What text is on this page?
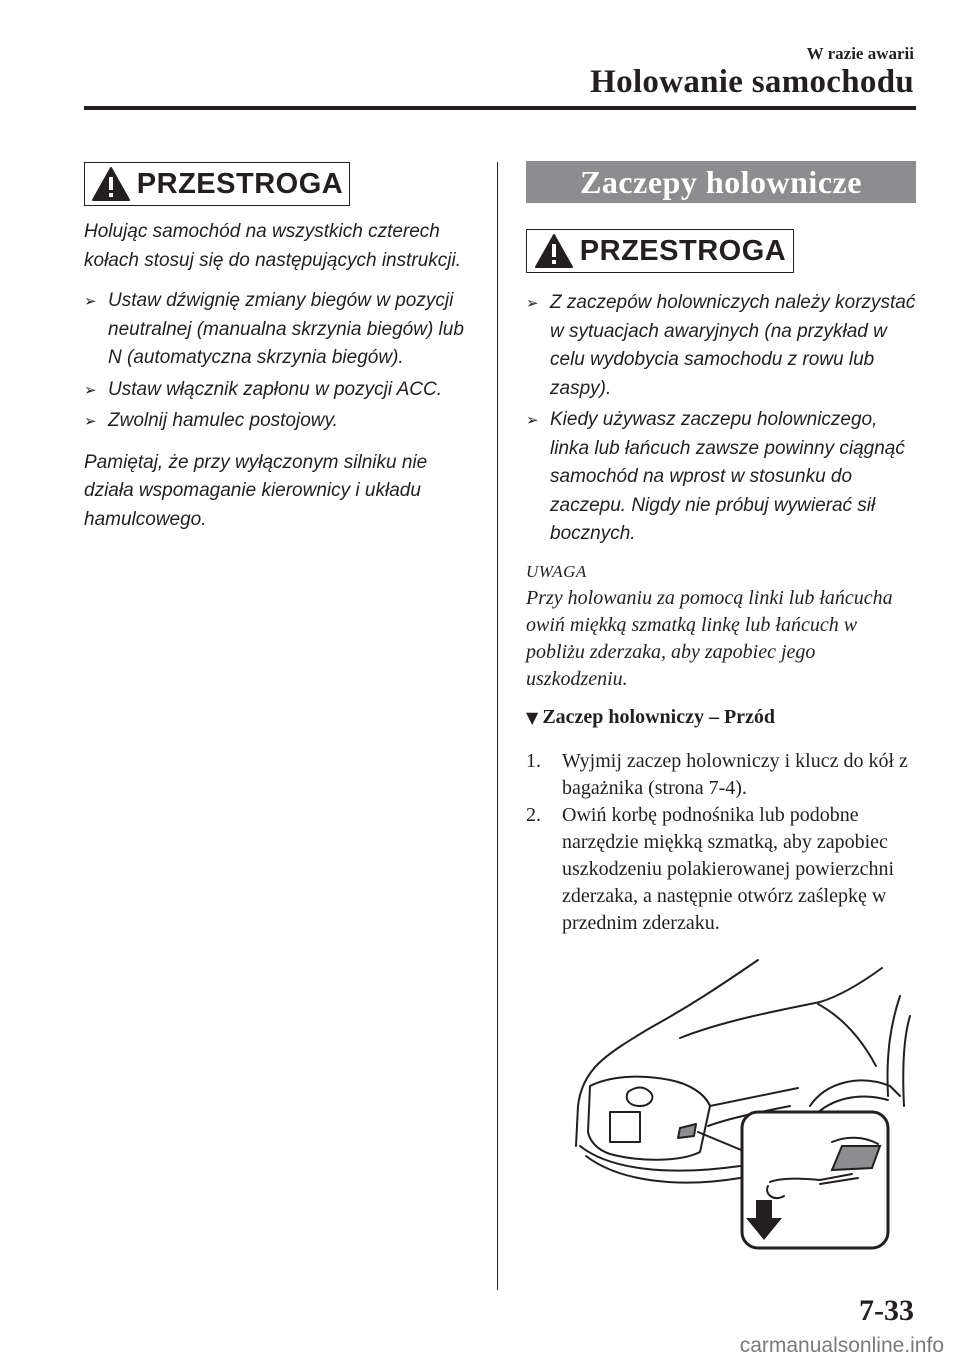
W razie awarii
Holowanie samochodu
PRZESTROGA

Holując samochód na wszystkich czterech kołach stosuj się do następujących instrukcji.

➢ Ustaw dźwignię zmiany biegów w pozycji neutralnej (manualna skrzynia biegów) lub N (automatyczna skrzynia biegów).
➢ Ustaw włącznik zapłonu w pozycji ACC.
➢ Zwolnij hamulec postojowy.

Pamiętaj, że przy wyłączonym silniku nie działa wspomaganie kierownicy i układu hamulcowego.

Zaczepy holownicze
PRZESTROGA
➢ Z zaczepów holowniczych należy korzystać w sytuacjach awaryjnych (na przykład w celu wydobycia samochodu z rowu lub zaspy).
➢ Kiedy używasz zaczepu holowniczego, linka lub łańcuch zawsze powinny ciągnąć samochód na wprost w stosunku do zaczepu. Nigdy nie próbuj wywierać sił bocznych.

UWAGA

Przy holowaniu za pomocą linki lub łańcucha owiń miękką szmatką linkę lub łańcuch w pobliżu zderzaka, aby zapobiec jego uszkodzeniu.

▼ Zaczep holowniczy – Przód

1. Wyjmij zaczep holowniczy i klucz do kół z bagażnika (strona 7-4).
2. Owiń korbę podnośnika lub podobne narzędzie miękką szmatką, aby zapobiec uszkodzeniu polakierowanej powierzchni zderzaka, a następnie otwórz zaślepkę w przednim zderzaku.
7-33
carmanualsonline.info
